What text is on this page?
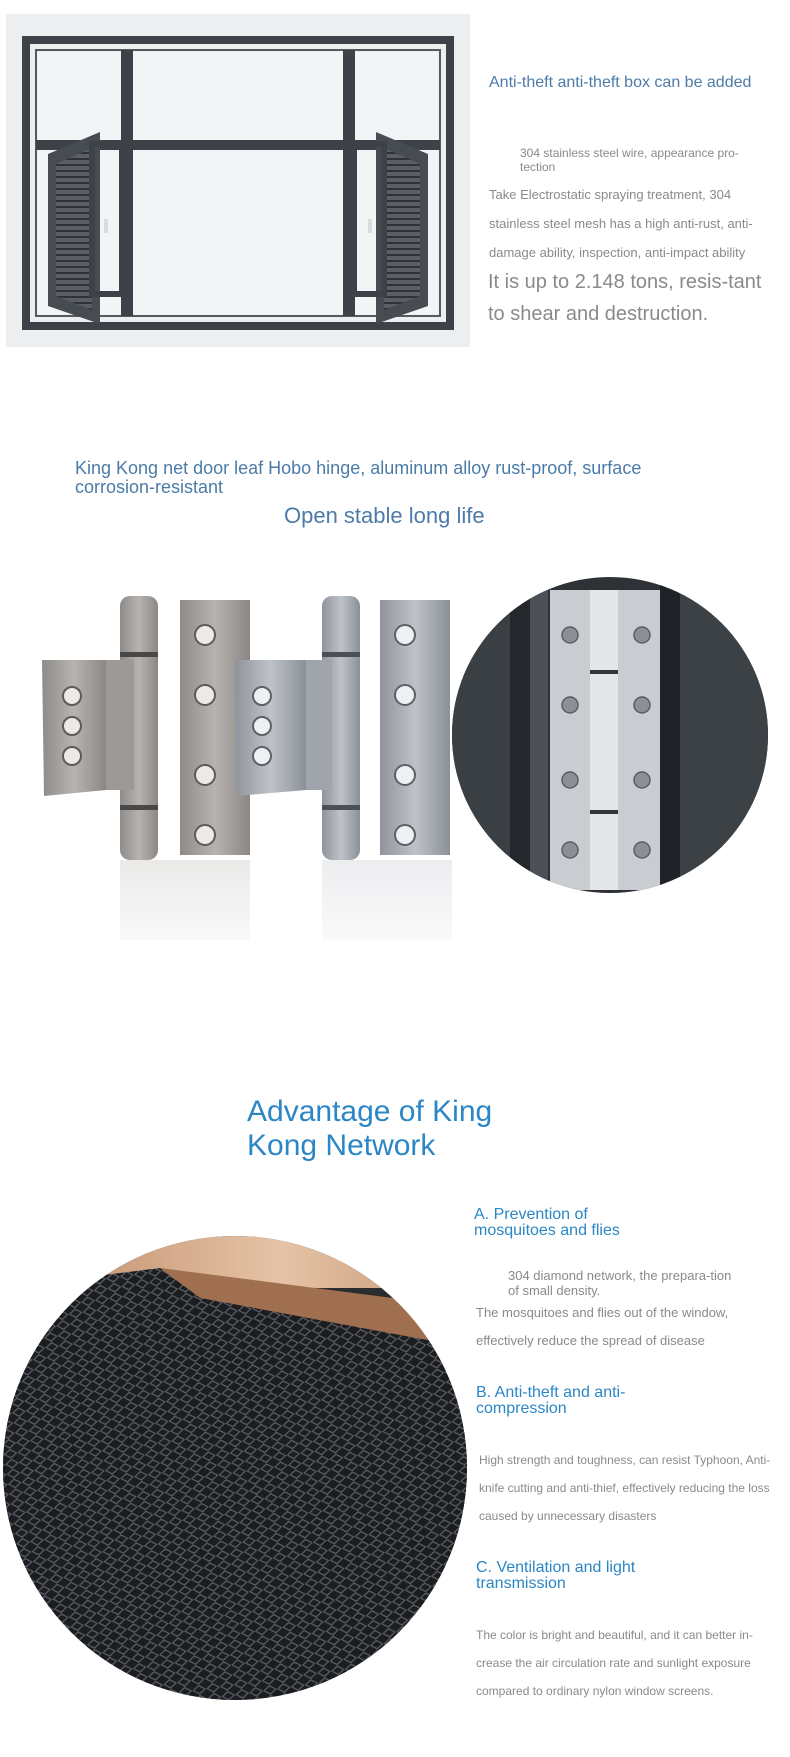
Anti-theft anti-theft box can be added
304 stainless steel wire, appearance pro-tection
Take Electrostatic spraying treatment, 304 stainless steel mesh has a high anti-rust, anti-damage ability, inspection, anti-impact ability
It is up to 2.148 tons, resis-tant to shear and destruction.
King Kong net door leaf Hobo hinge, aluminum alloy rust-proof, surface corrosion-resistant
Open stable long life
Advantage of King Kong Network
A. Prevention of mosquitoes and flies
304 diamond network, the prepara-tion of small density.
The mosquitoes and flies out of the window, effectively reduce the spread of disease
B. Anti-theft and anti-compression
High strength and toughness, can resist Typhoon, Anti-knife cutting and anti-thief, effectively reducing the loss caused by unnecessary disasters
C. Ventilation and light transmission
The color is bright and beautiful, and it can better in-crease the air circulation rate and sunlight exposure compared to ordinary nylon window screens.
